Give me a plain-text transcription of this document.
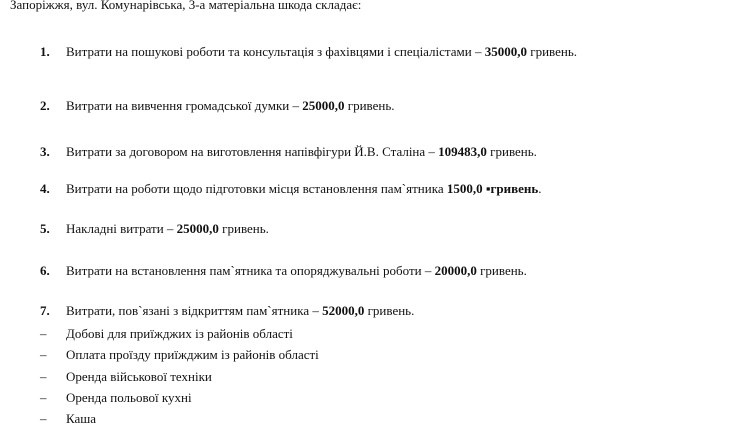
Запоріжжя, вул. Комунарівська, 3-а матеріальна шкода складає:
1. Витрати на пошукові роботи та консультація з фахівцями і спеціалістами – 35000,0 гривень.
2. Витрати на вивчення громадської думки – 25000,0 гривень.
3. Витрати за договором на виготовлення напівфігури Й.В. Сталіна – 109483,0 гривень.
4. Витрати на роботи щодо підготовки місця встановлення пам`ятника 1500,0 ▪гривень.
5. Накладні витрати – 25000,0 гривень.
6. Витрати на встановлення пам`ятника та опоряджувальні роботи – 20000,0 гривень.
7. Витрати, пов`язані з відкриттям пам`ятника – 52000,0 гривень.
– Добові для приїжджих із районів області
– Оплата проїзду приїжджим із районів області
– Оренда військової техніки
– Оренда польової кухні
– Каша
